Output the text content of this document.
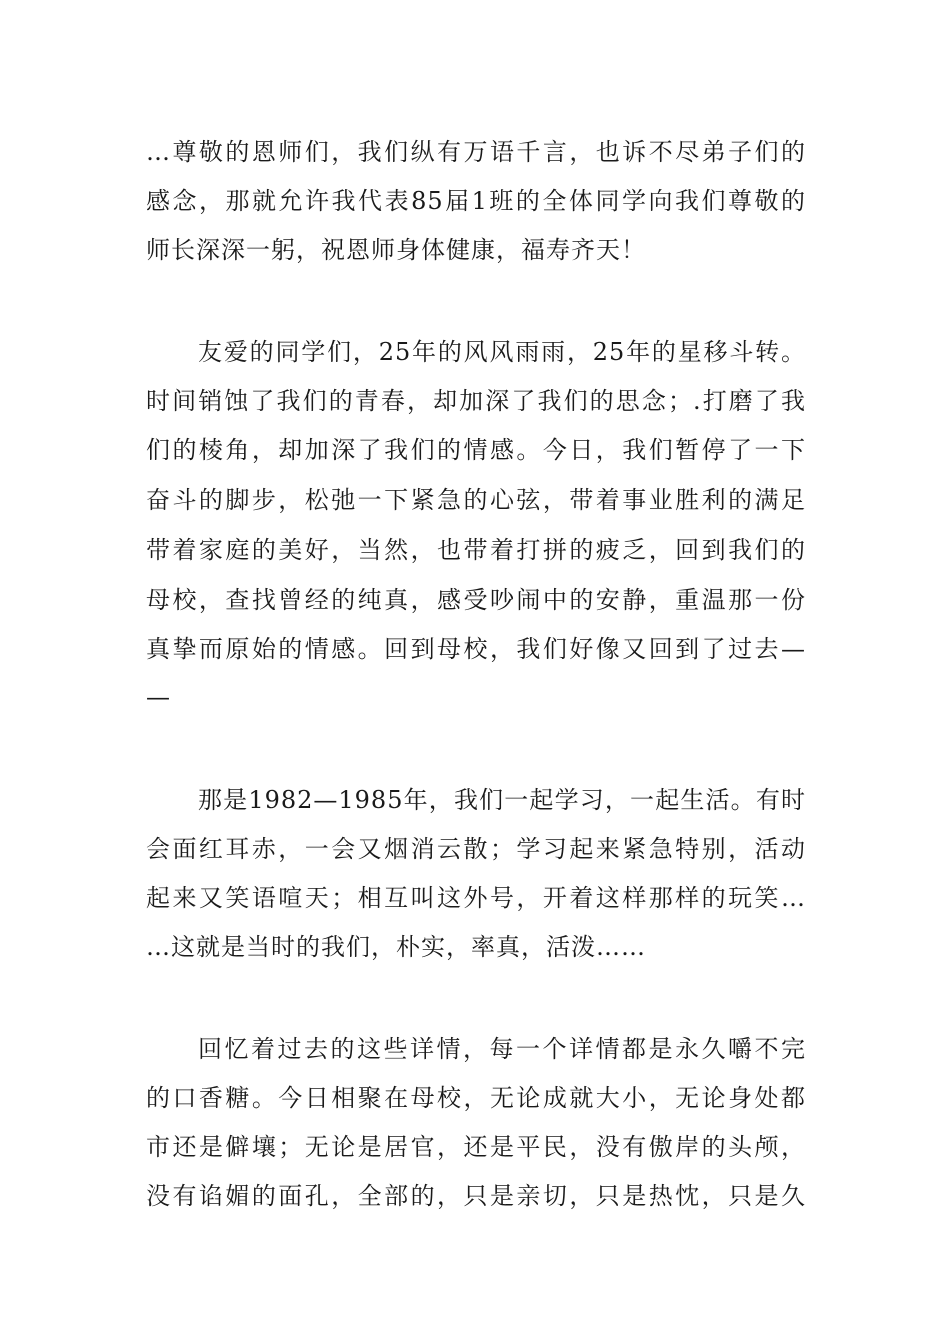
…尊敬的恩师们，我们纵有万语千言，也诉不尽弟子们的
感念，那就允许我代表85届1班的全体同学向我们尊敬的
师长深深一躬，祝恩师身体健康，福寿齐天！
友爱的同学们，25年的风风雨雨，25年的星移斗转。
时间销蚀了我们的青春，却加深了我们的思念；.打磨了我
们的棱角，却加深了我们的情感。今日，我们暂停了一下
奋斗的脚步，松弛一下紧急的心弦，带着事业胜利的满足
带着家庭的美好，当然，也带着打拼的疲乏，回到我们的
母校，查找曾经的纯真，感受吵闹中的安静，重温那一份
真挚而原始的情感。回到母校，我们好像又回到了过去—
—
那是1982—1985年，我们一起学习，一起生活。有时
会面红耳赤，一会又烟消云散；学习起来紧急特别，活动
起来又笑语喧天；相互叫这外号，开着这样那样的玩笑…
…这就是当时的我们，朴实，率真，活泼……
回忆着过去的这些详情，每一个详情都是永久嚼不完
的口香糖。今日相聚在母校，无论成就大小，无论身处都
市还是僻壤；无论是居官，还是平民，没有傲岸的头颅，
没有谄媚的面孔，全部的，只是亲切，只是热忱，只是久
